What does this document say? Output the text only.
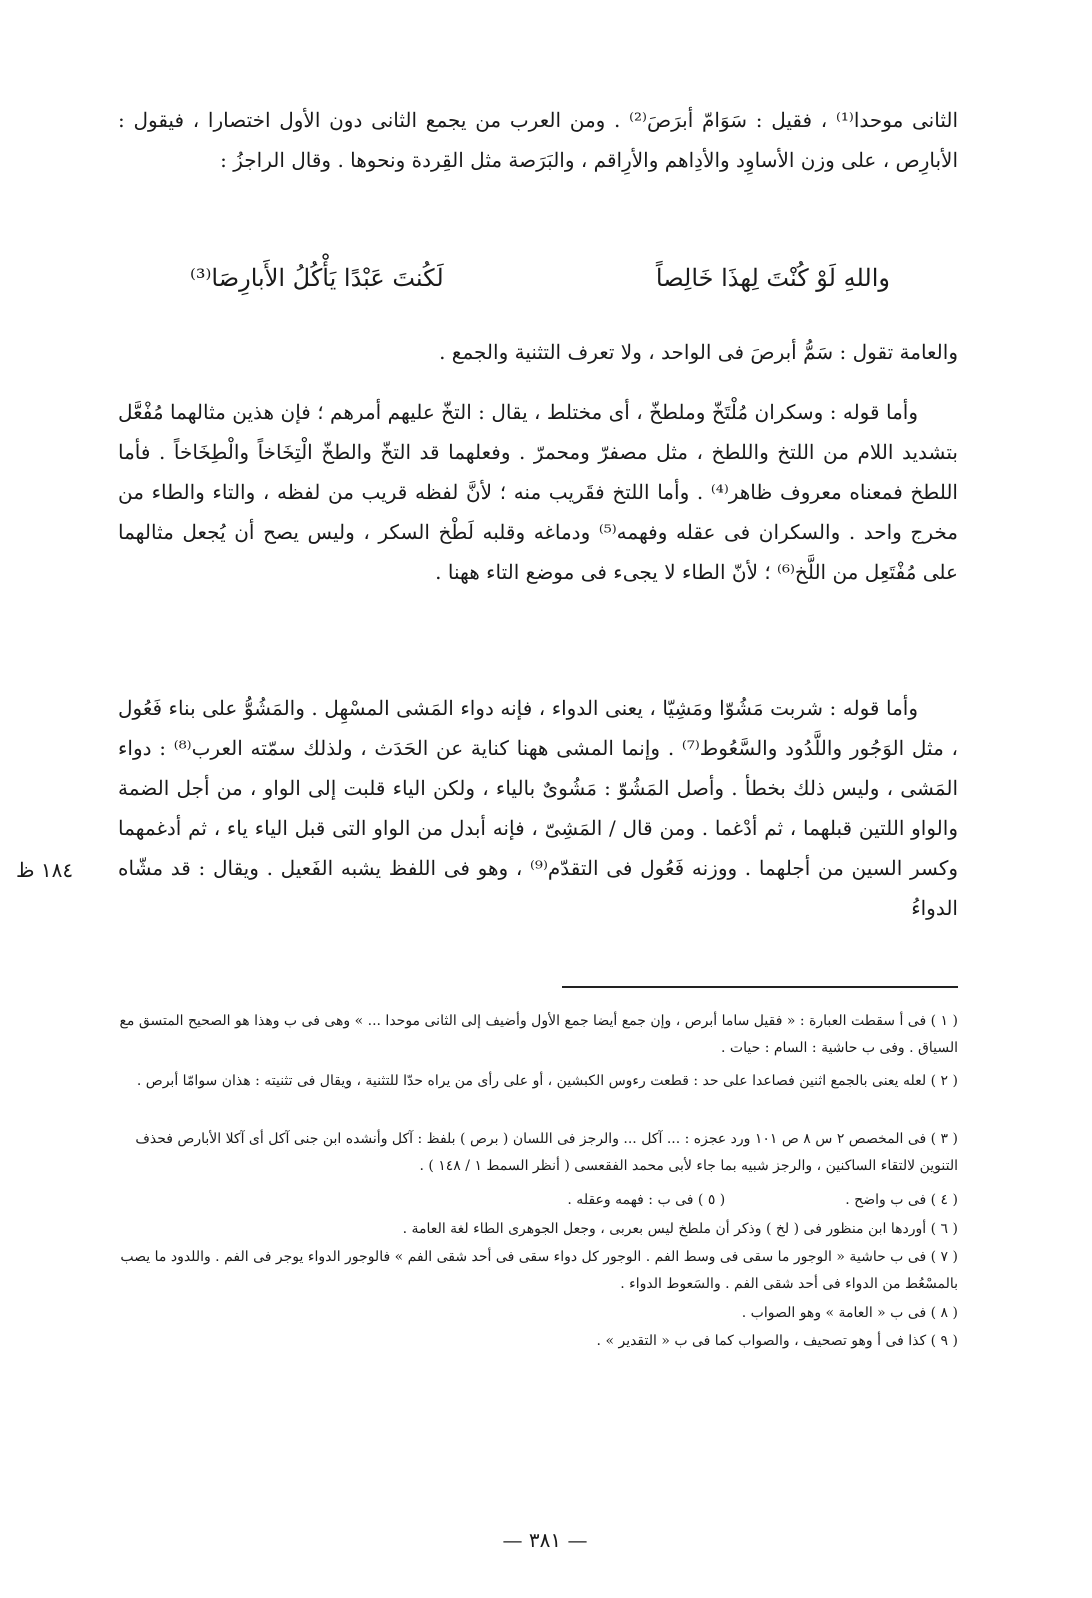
الثانى موحدا⁽¹⁾ ، فقيل : سَوَامّ أبرَصَ⁽²⁾ . ومن العرب من يجمع الثانى دون الأول اختصارا ، فيقول : الأبارِص ، على وزن الأساوِد والأدِاهم والأرِاقم ، والبَرَصة مثل القِردة ونحوها . وقال الراجزُ :

واللهِ لَوْ كُنْتَ لِهذَا خَالِصاً
لَكُنتَ عَبْدًا يَأْكُلُ الأَبارِصَا⁽³⁾

والعامة تقول : سَمُّ أبرصَ فى الواحد ، ولا تعرف التثنية والجمع .

وأما قوله : وسكران مُلْتَخّ وملطخّ ، أى مختلط ، يقال : التخّ عليهم أمرهم ؛ فإن هذين مثالهما مُفْعَّل بتشديد اللام من اللتخ واللطخ ، مثل مصفرّ ومحمرّ . وفعلهما قد التخّ والطخّ الْتِخَاخاً والْطِخَاخاً . فأما اللطخ فمعناه معروف ظاهر⁽⁴⁾ . وأما اللتخ فقَريب منه ؛ لأنَّ لفظه قريب من لفظه ، والتاء والطاء من مخرج واحد . والسكران فى عقله وفهمه⁽⁵⁾ ودماغه وقلبه لَطْخ السكر ، وليس يصح أن يُجعل مثالهما على مُفْتَعِل من اللَّخ⁽⁶⁾ ؛ لأنّ الطاء لا يجىء فى موضع التاء ههنا .

وأما قوله : شربت مَشُوّا ومَشِيّا ، يعنى الدواء ، فإنه دواء المَشى المسْهِل . والمَشُوُّ على بناء فَعُول ، مثل الوَجُور واللَّدُود والسَّعُوط⁽⁷⁾ . وإنما المشى ههنا كناية عن الحَدَث ، ولذلك سمّته العرب⁽⁸⁾ : دواء المَشى ، وليس ذلك بخطأ . وأصل المَشُوّ : مَشُوىٌ بالياء ، ولكن الياء قلبت إلى الواو ، من أجل الضمة والواو اللتين قبلهما ، ثم أدْغما . ومن قال / المَشِىّ ، فإنه أبدل من الواو التى قبل الياء ياء ، ثم أدغمهما وكسر السين من أجلهما . ووزنه فَعُول فى التقدّم⁽⁹⁾ ، وهو فى اللفظ يشبه الفَعيل . ويقال : قد مشّاه الدواءُ

١٨٤ ظ

( ١ ) فى أ سقطت العبارة : « فقيل ساما أبرص ، وإن جمع أيضا جمع الأول وأضيف إلى الثانى موحدا ... » وهى فى ب وهذا هو الصحيح المتسق مع السياق . وفى ب حاشية : السام : حيات .

( ٢ ) لعله يعنى بالجمع اثنين فصاعدا على حد : قطعت رءوس الكبشين ، أو على رأى من يراه حدّا للتثنية ، ويقال فى تثنيته : هذان سوامّا أبرص .

( ٣ ) فى المخصص ٢ س ٨ ص ١٠١ ورد عجزه : ... آكل ... والرجز فى اللسان ( برص ) بلفظ : آكل وأنشده ابن جنى آكل أى آكلا الأبارص فحذف التنوين لالتقاء الساكنين ، والرجز شبيه بما جاء لأبى محمد الفقعسى ( أنظر السمط ١ / ١٤٨ ) .

( ٤ ) فى ب واضح .
( ٥ ) فى ب : فهمه وعقله .

( ٦ ) أوردها ابن منظور فى ( لخ ) وذكر أن ملطخ ليس بعربى ، وجعل الجوهرى الطاء لغة العامة .

( ٧ ) فى ب حاشية « الوجور ما سقى فى وسط الفم . الوجور كل دواء سقى فى أحد شقى الفم » فالوجور الدواء يوجر فى الفم . واللدود ما يصب بالمسْعُط من الدواء فى أحد شقى الفم . والسَعوط الدواء .

( ٨ ) فى ب « العامة » وهو الصواب .

( ٩ ) كذا فى أ وهو تصحيف ، والصواب كما فى ب « التقدير » .

— ٣٨١ —
